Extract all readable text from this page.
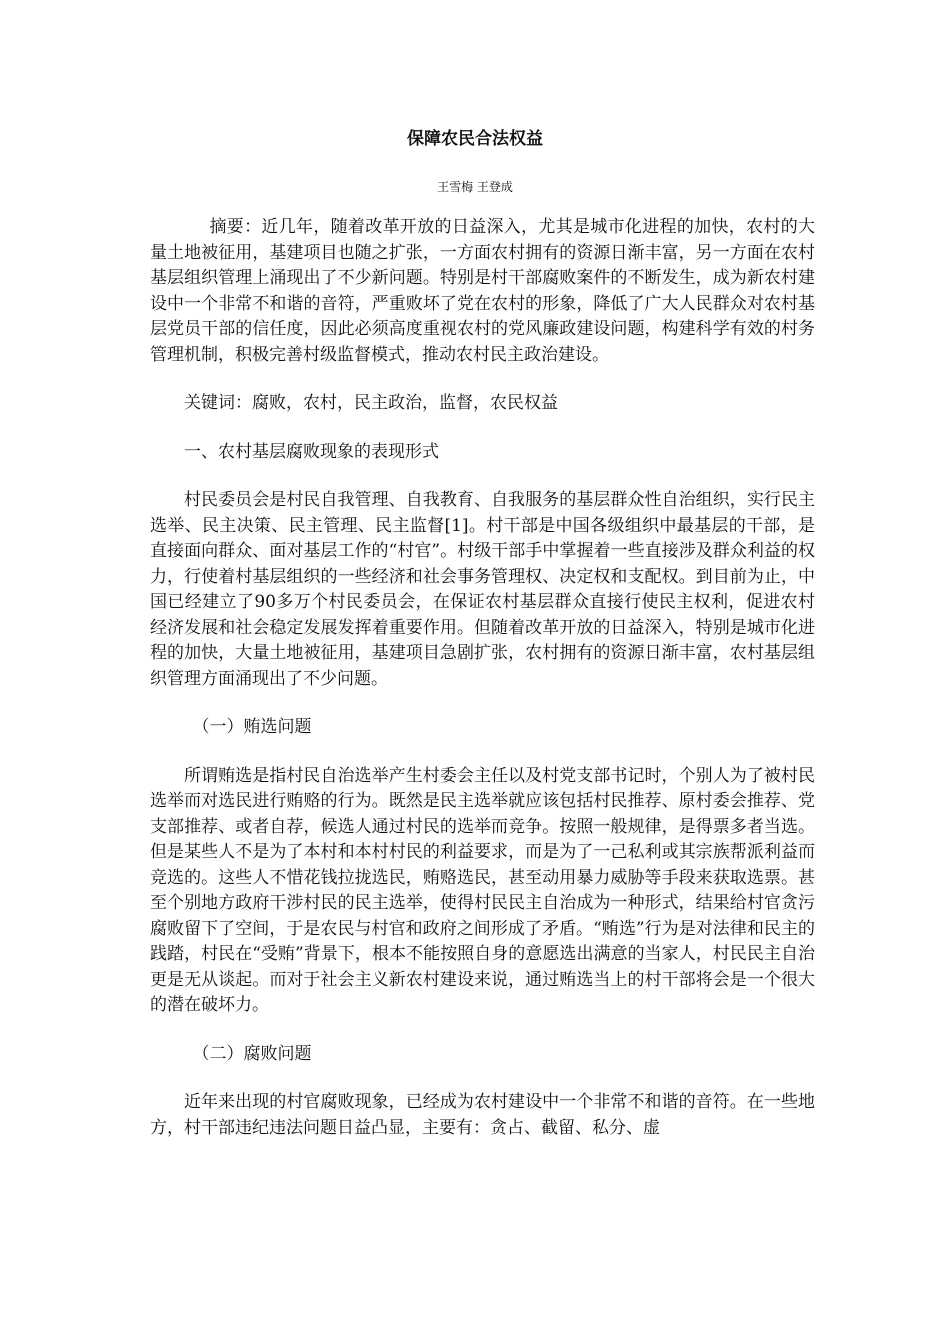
保障农民合法权益

王雪梅 王登成

摘要：近几年，随着改革开放的日益深入，尤其是城市化进程的加快，农村的大量土地被征用，基建项目也随之扩张，一方面农村拥有的资源日渐丰富，另一方面在农村基层组织管理上涌现出了不少新问题。特别是村干部腐败案件的不断发生，成为新农村建设中一个非常不和谐的音符，严重败坏了党在农村的形象，降低了广大人民群众对农村基层党员干部的信任度，因此必须高度重视农村的党风廉政建设问题，构建科学有效的村务管理机制，积极完善村级监督模式，推动农村民主政治建设。

关键词：腐败，农村，民主政治，监督，农民权益

一、农村基层腐败现象的表现形式

村民委员会是村民自我管理、自我教育、自我服务的基层群众性自治组织，实行民主选举、民主决策、民主管理、民主监督[1]。村干部是中国各级组织中最基层的干部，是直接面向群众、面对基层工作的“村官”。村级干部手中掌握着一些直接涉及群众利益的权力，行使着村基层组织的一些经济和社会事务管理权、决定权和支配权。到目前为止，中国已经建立了90多万个村民委员会，在保证农村基层群众直接行使民主权利，促进农村经济发展和社会稳定发展发挥着重要作用。但随着改革开放的日益深入，特别是城市化进程的加快，大量土地被征用，基建项目急剧扩张，农村拥有的资源日渐丰富，农村基层组织管理方面涌现出了不少问题。

（一）贿选问题

所谓贿选是指村民自治选举产生村委会主任以及村党支部书记时，个别人为了被村民选举而对选民进行贿赂的行为。既然是民主选举就应该包括村民推荐、原村委会推荐、党支部推荐、或者自荐，候选人通过村民的选举而竞争。按照一般规律，是得票多者当选。但是某些人不是为了本村和本村村民的利益要求，而是为了一己私利或其宗族帮派利益而竞选的。这些人不惜花钱拉拢选民，贿赂选民，甚至动用暴力威胁等手段来获取选票。甚至个别地方政府干涉村民的民主选举，使得村民民主自治成为一种形式，结果给村官贪污腐败留下了空间，于是农民与村官和政府之间形成了矛盾。“贿选”行为是对法律和民主的践踏，村民在“受贿”背景下，根本不能按照自身的意愿选出满意的当家人，村民民主自治更是无从谈起。而对于社会主义新农村建设来说，通过贿选当上的村干部将会是一个很大的潜在破坏力。

（二）腐败问题

近年来出现的村官腐败现象，已经成为农村建设中一个非常不和谐的音符。在一些地方，村干部违纪违法问题日益凸显，主要有：贪占、截留、私分、虚
